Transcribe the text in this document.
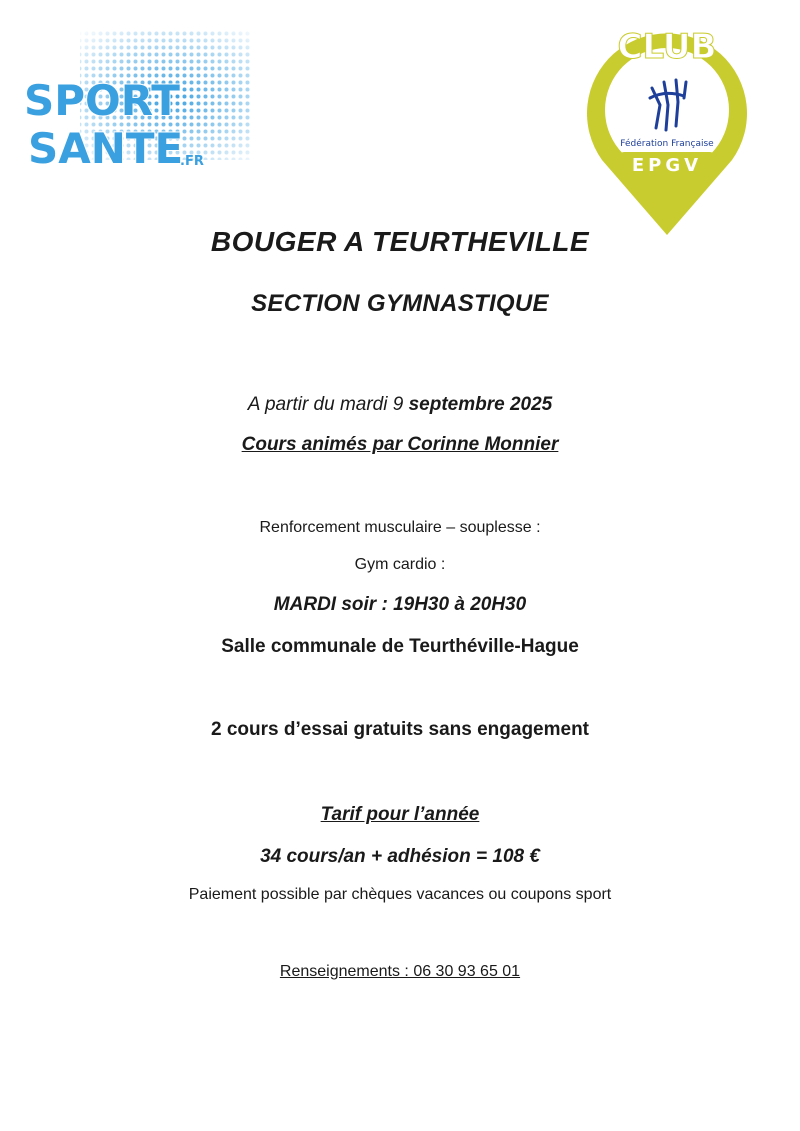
SPORT
SANTE
.FR
CLUB
Fédération Française
EPGV
BOUGER A TEURTHEVILLE
SECTION GYMNASTIQUE
A partir du mardi 9 septembre 2025
Cours animés par Corinne Monnier
Renforcement musculaire – souplesse :
Gym cardio :
MARDI soir : 19H30 à 20H30
Salle communale de Teurthéville-Hague
2 cours d’essai gratuits sans engagement
Tarif pour l’année
34 cours/an + adhésion = 108 €
Paiement possible par chèques vacances ou coupons sport
Renseignements : 06 30 93 65 01
